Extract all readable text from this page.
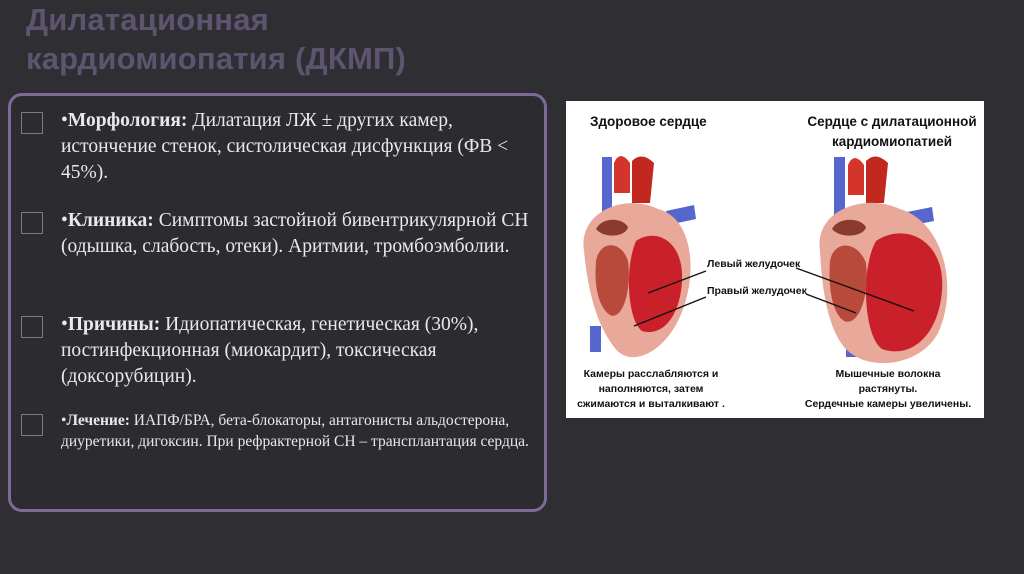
Дилатационная
кардиомиопатия (ДКМП)

•Морфология: Дилатация ЛЖ ± других камер, истончение стенок, систолическая дисфункция (ФВ < 45%).

•Клиника: Симптомы застойной бивентрикулярной СН (одышка, слабость, отеки). Аритмии, тромбоэмболии.

•Причины: Идиопатическая, генетическая (30%), постинфекционная (миокардит), токсическая (доксорубицин).

•Лечение: ИАПФ/БРА, бета-блокаторы, антагонисты альдостерона, диуретики, дигоксин. При рефрактерной СН – трансплантация сердца.

Здоровое сердце	Сердце с дилатационной
кардиомиопатией
Левый желудочек
Правый желудочек
Камеры расслабляются и
наполняются, затем
сжимаются и выталкивают .
Мышечные волокна
растянуты.
Сердечные камеры увеличены.
